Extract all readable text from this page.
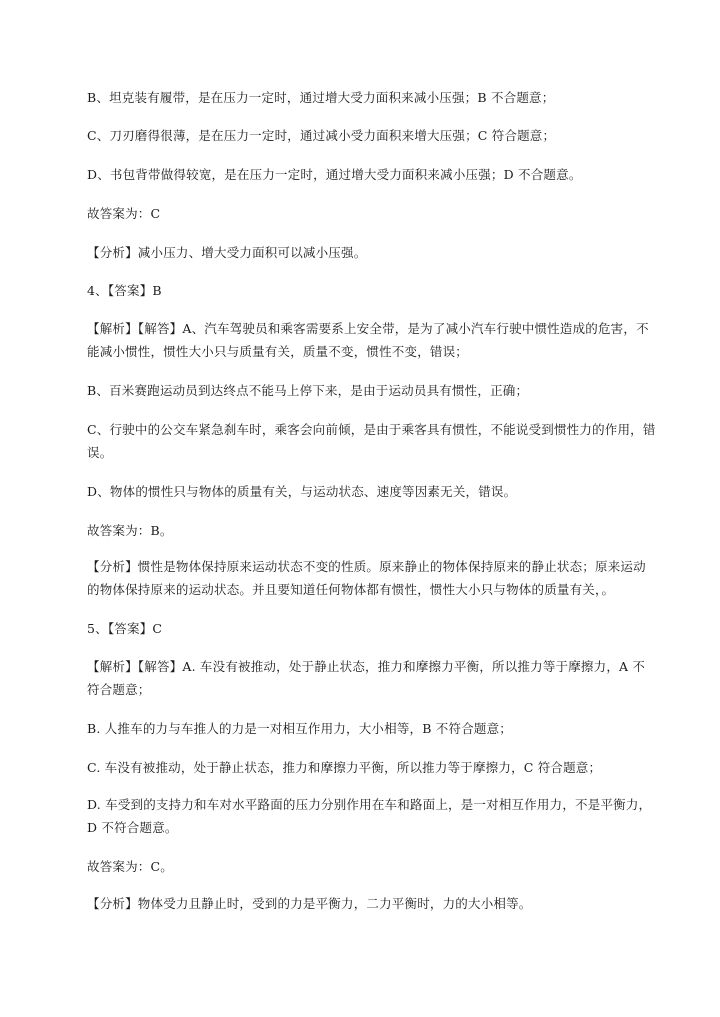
B、坦克装有履带，是在压力一定时，通过增大受力面积来减小压强；B 不合题意；
C、刀刃磨得很薄，是在压力一定时，通过减小受力面积来增大压强；C 符合题意；
D、书包背带做得较宽，是在压力一定时，通过增大受力面积来减小压强；D 不合题意。
故答案为：C
【分析】减小压力、增大受力面积可以减小压强。
4、【答案】B
【解析】【解答】A、汽车驾驶员和乘客需要系上安全带，是为了减小汽车行驶中惯性造成的危害，不
能减小惯性，惯性大小只与质量有关，质量不变，惯性不变，错误；
B、百米赛跑运动员到达终点不能马上停下来，是由于运动员具有惯性，正确；
C、行驶中的公交车紧急刹车时，乘客会向前倾，是由于乘客具有惯性，不能说受到惯性力的作用，错
误。
D、物体的惯性只与物体的质量有关，与运动状态、速度等因素无关，错误。
故答案为：B。
【分析】惯性是物体保持原来运动状态不变的性质。原来静止的物体保持原来的静止状态；原来运动
的物体保持原来的运动状态。并且要知道任何物体都有惯性，惯性大小只与物体的质量有关，。
5、【答案】C
【解析】【解答】A. 车没有被推动，处于静止状态，推力和摩擦力平衡，所以推力等于摩擦力，A 不
符合题意；
B. 人推车的力与车推人的力是一对相互作用力，大小相等，B 不符合题意；
C. 车没有被推动，处于静止状态，推力和摩擦力平衡，所以推力等于摩擦力，C 符合题意；
D. 车受到的支持力和车对水平路面的压力分别作用在车和路面上，是一对相互作用力，不是平衡力，
D 不符合题意。
故答案为：C。
【分析】物体受力且静止时，受到的力是平衡力，二力平衡时，力的大小相等。
